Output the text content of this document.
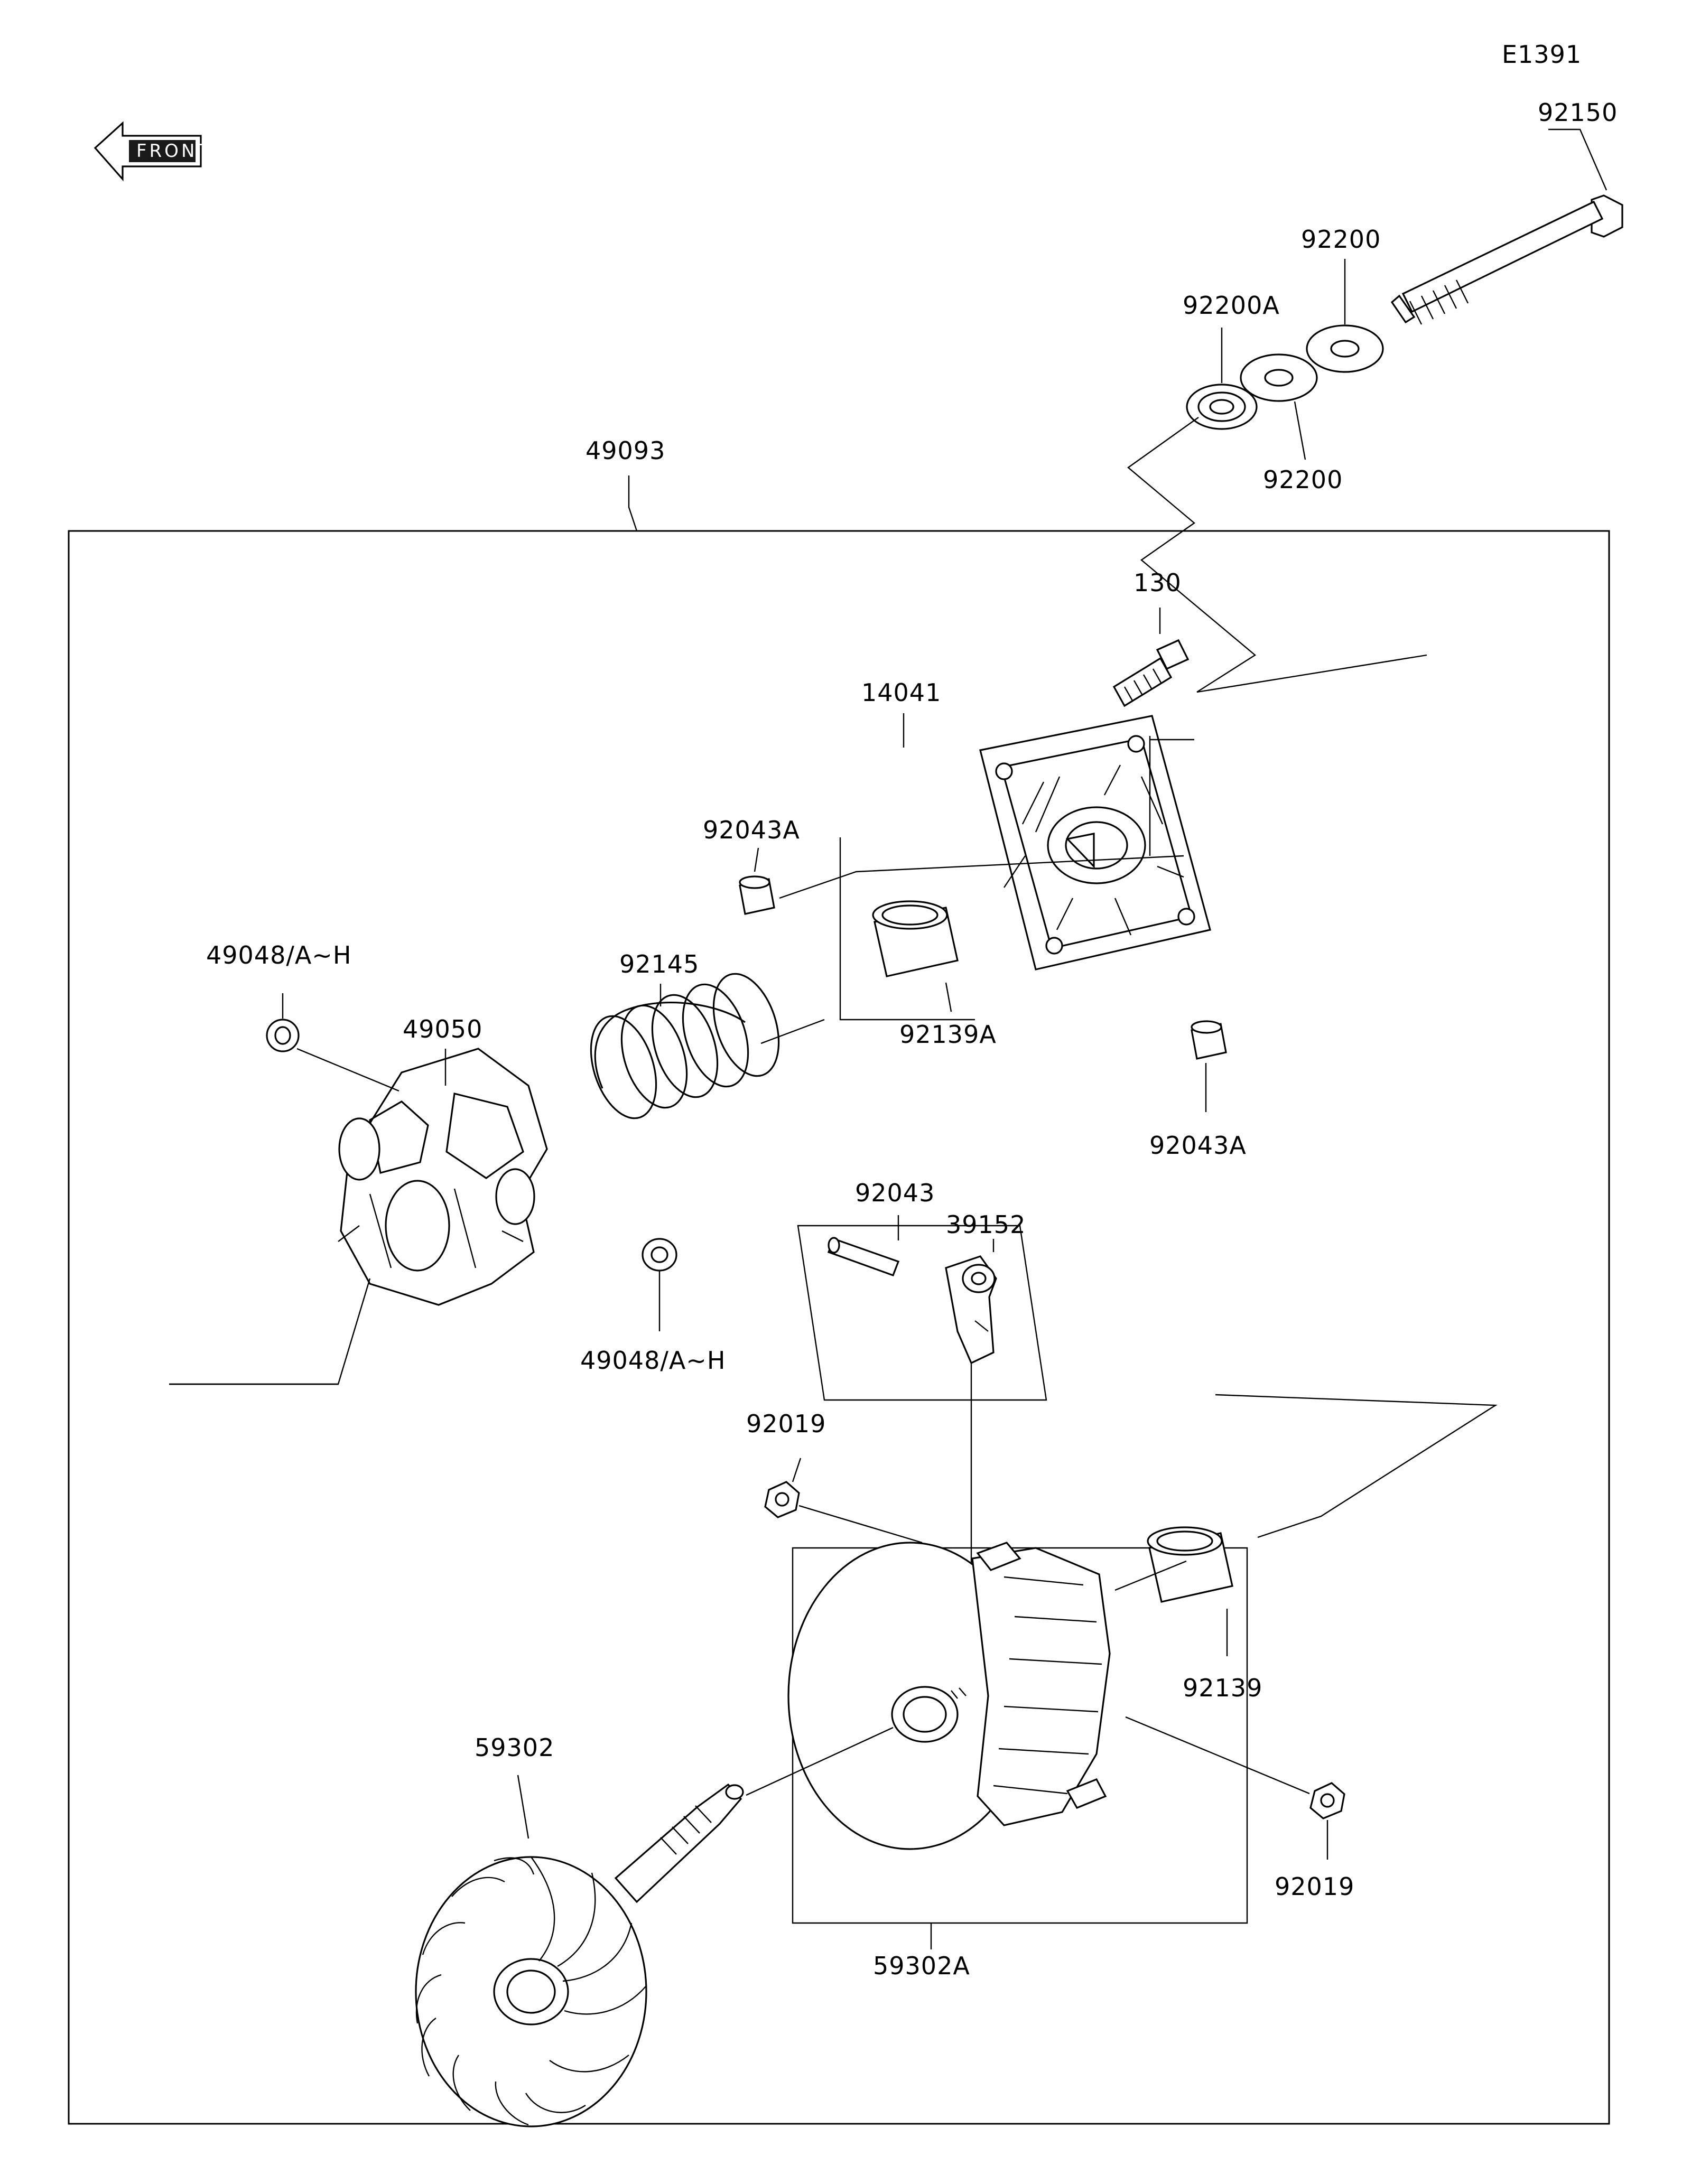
FRONT
E1391
92150
92200
92200A
92200
49093
130
14041
92043A
92145
92139A
92043A
49048/A~H
49050
49048/A~H
92043
39152
92019
92139
92019
59302
59302A
